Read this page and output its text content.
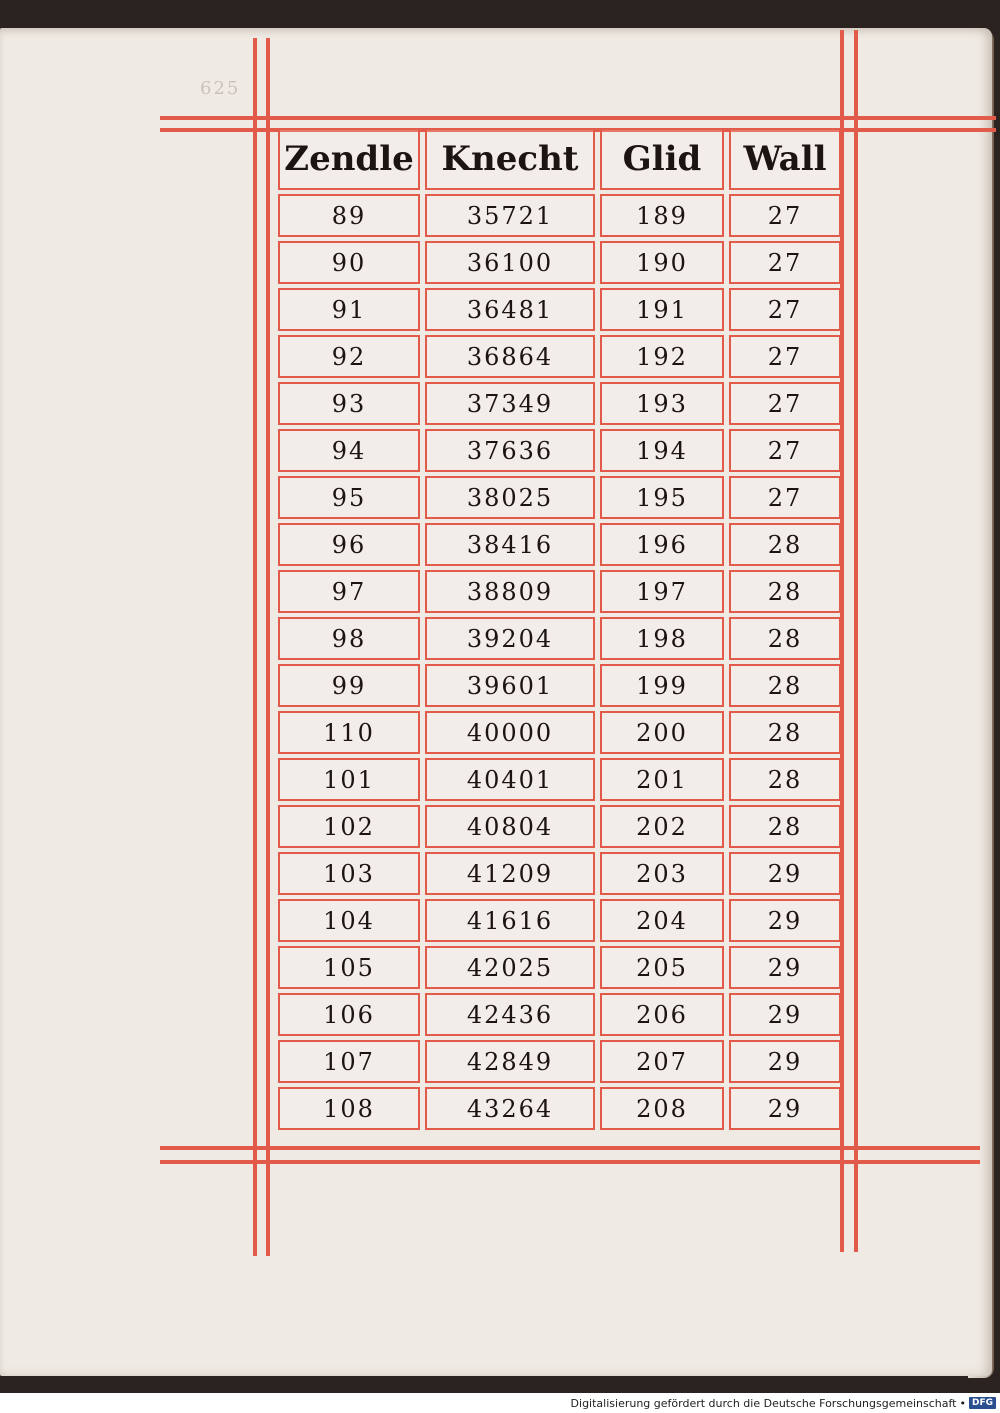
625
Zendle Knecht	Glid	Wall
89	35721	189	27
90	36100	190	27
91	36481	191	27
92	36864	192	27
93	37349	193	27
94	37636	194	27
95	38025	195	27
96	38416	196	28
97	38809	197	28
98	39204	198	28
99	39601	199	28
110	40000	200	28
101	40401	201	28
102	40804	202	28
103	41209	203	29
104	41616	204	29
105	42025	205	29
106	42436	206	29
107	42849	207	29
108	43264	208	29
Digitalisierung gefördert durch die Deutsche Forschungsgemeinschaft • DFG
